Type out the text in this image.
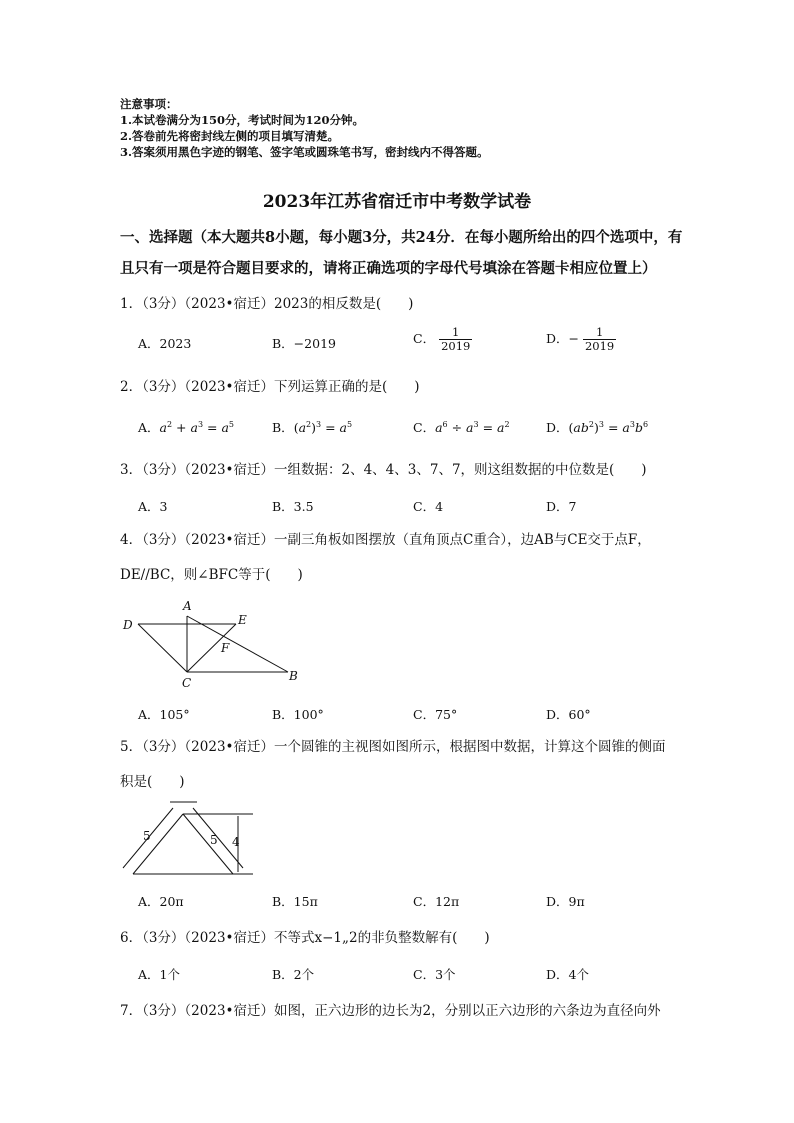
注意事项：
1.本试卷满分为150分，考试时间为120分钟。
2.答卷前先将密封线左侧的项目填写清楚。
3.答案须用黑色字迹的钢笔、签字笔或圆珠笔书写，密封线内不得答题。
2023年江苏省宿迁市中考数学试卷
一、选择题（本大题共8小题，每小题3分，共24分．在每小题所给出的四个选项中，有
且只有一项是符合题目要求的，请将正确选项的字母代号填涂在答题卡相应位置上）
1．（3分）（2023•宿迁）2023的相反数是(　　)
A．2023	B．−2019	C． $\frac{1}{2019}$	D．− $\frac{1}{2019}$
2．（3分）（2023•宿迁）下列运算正确的是(　　)
A．$a^2 + a^3 = a^5$	B．$(a^2)^3 = a^5$	C．$a^6 \div a^3 = a^2$	D．$(ab^2)^3 = a^3b^6$
3．（3分）（2023•宿迁）一组数据：2、4、4、3、7、7，则这组数据的中位数是(　　)
A．3	B．3.5	C．4	D．7
4．（3分）（2023•宿迁）一副三角板如图摆放（直角顶点C重合），边AB与CE交于点F，
DE//BC，则∠BFC等于(　　)
A
B
C
D	E
F
A．105°	B．100°	C．75°	D．60°
5．（3分）（2023•宿迁）一个圆锥的主视图如图所示，根据图中数据，计算这个圆锥的侧面
积是(　　)
5	5 4
A．20π	B．15π	C．12π	D．9π
6．（3分）（2023•宿迁）不等式x−1„2的非负整数解有(　　)
A．1个	B．2个	C．3个	D．4个
7．（3分）（2023•宿迁）如图，正六边形的边长为2，分别以正六边形的六条边为直径向外
